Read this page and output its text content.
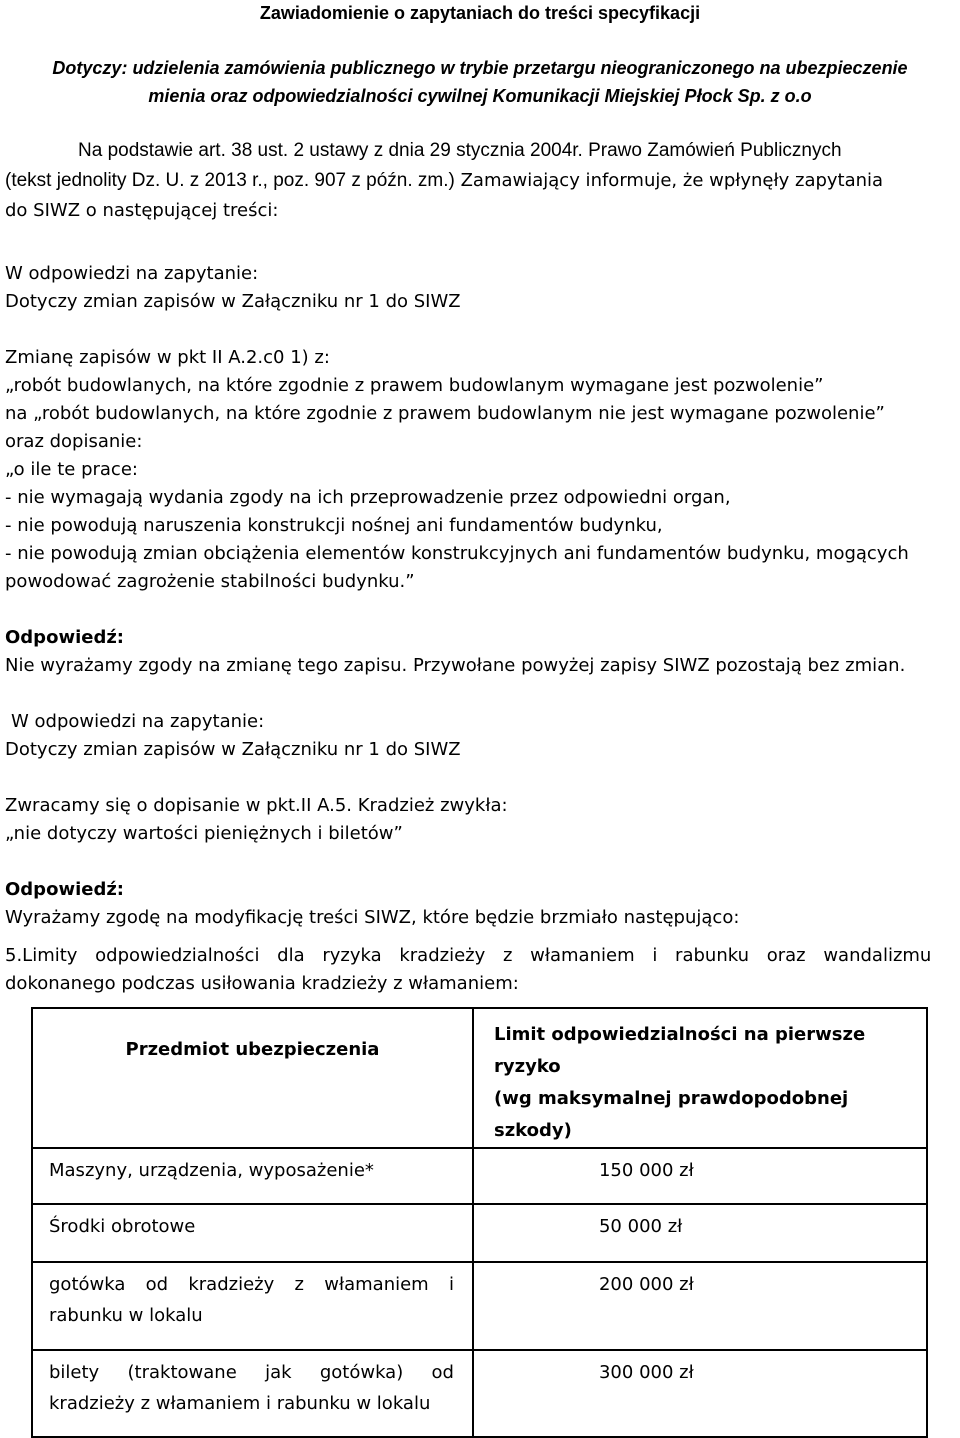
Zawiadomienie o zapytaniach do treści specyfikacji
Dotyczy: udzielenia zamówienia publicznego w trybie przetargu nieograniczonego na ubezpieczenie
mienia oraz odpowiedzialności cywilnej Komunikacji Miejskiej Płock Sp. z o.o
Na podstawie art. 38 ust. 2 ustawy z dnia 29 stycznia 2004r. Prawo Zamówień Publicznych
(tekst jednolity Dz. U. z 2013 r., poz. 907 z późn. zm.) Zamawiający informuje, że wpłynęły zapytania
do SIWZ o następującej treści:
W odpowiedzi na zapytanie:
Dotyczy zmian zapisów w Załączniku nr 1 do SIWZ
Zmianę zapisów w pkt II A.2.c0 1) z:
„robót budowlanych, na które zgodnie z prawem budowlanym wymagane jest pozwolenie”
na „robót budowlanych, na które zgodnie z prawem budowlanym nie jest wymagane pozwolenie”
oraz dopisanie:
„o ile te prace:
- nie wymagają wydania zgody na ich przeprowadzenie przez odpowiedni organ,
- nie powodują naruszenia konstrukcji nośnej ani fundamentów budynku,
- nie powodują zmian obciążenia elementów konstrukcyjnych ani fundamentów budynku, mogących
powodować zagrożenie stabilności budynku.”
Odpowiedź:
Nie wyrażamy zgody na zmianę tego zapisu. Przywołane powyżej zapisy SIWZ pozostają bez zmian.
W odpowiedzi na zapytanie:
Dotyczy zmian zapisów w Załączniku nr 1 do SIWZ
Zwracamy się o dopisanie w pkt.II A.5. Kradzież zwykła:
„nie dotyczy wartości pieniężnych i biletów”
Odpowiedź:
Wyrażamy zgodę na modyfikację treści SIWZ, które będzie brzmiało następująco:
5.Limity odpowiedzialności dla ryzyka kradzieży z włamaniem i rabunku oraz wandalizmu
dokonanego podczas usiłowania kradzieży z włamaniem:
Przedmiot ubezpieczenia	Limit odpowiedzialności na pierwsze ryzyko
(wg maksymalnej prawdopodobnej szkody)

Maszyny, urządzenia, wyposażenie*	150 000 zł
Środki obrotowe	50 000 zł
gotówka od kradzieży z włamaniem i rabunku w lokalu	200 000 zł
bilety (traktowane jak gotówka) od kradzieży z włamaniem i rabunku w lokalu	300 000 zł
